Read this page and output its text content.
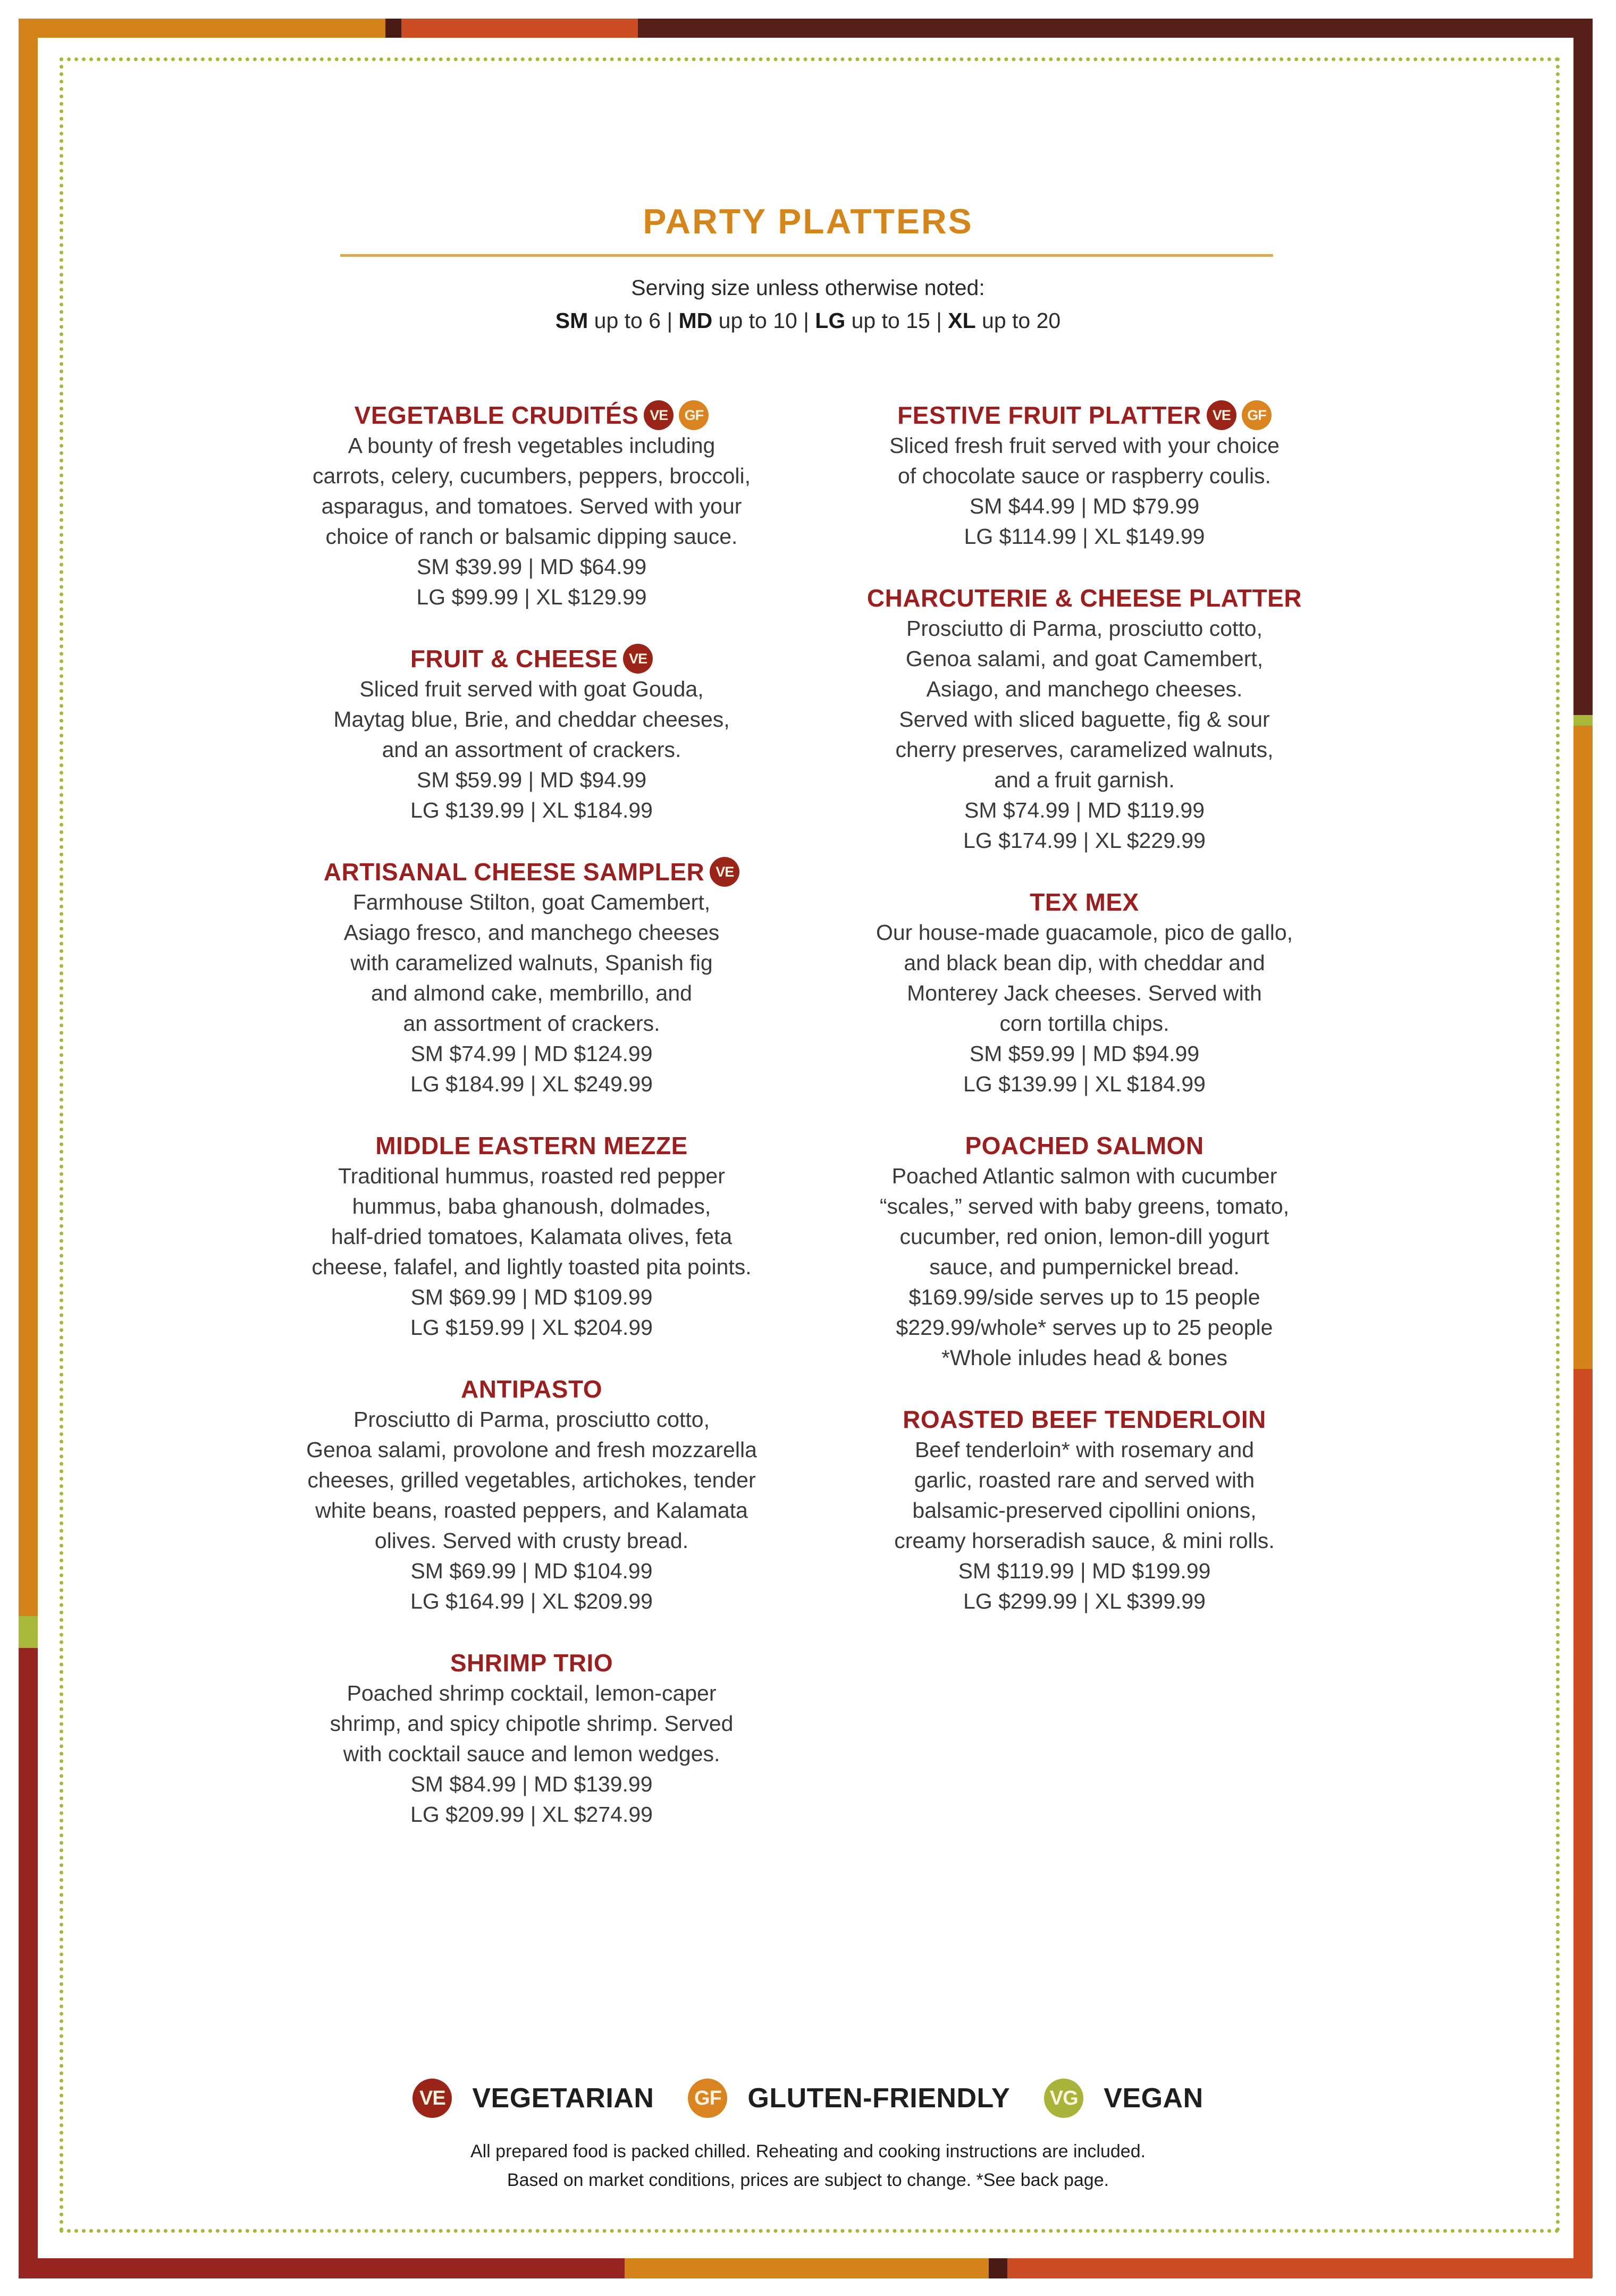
PARTY PLATTERS
Serving size unless otherwise noted:
SM up to 6 | MD up to 10 | LG up to 15 | XL up to 20
VEGETABLE CRUDITÉS VE	GF
A bounty of fresh vegetables including
carrots, celery, cucumbers, peppers, broccoli,
asparagus, and tomatoes. Served with your
choice of ranch or balsamic dipping sauce.
SM $39.99 | MD $64.99
LG $99.99 | XL $129.99
FRUIT & CHEESE VE
Sliced fruit served with goat Gouda,
Maytag blue, Brie, and cheddar cheeses,
and an assortment of crackers.
SM $59.99 | MD $94.99
LG $139.99 | XL $184.99
ARTISANAL CHEESE SAMPLER VE
Farmhouse Stilton, goat Camembert,
Asiago fresco, and manchego cheeses
with caramelized walnuts, Spanish fig
and almond cake, membrillo, and
an assortment of crackers.
SM $74.99 | MD $124.99
LG $184.99 | XL $249.99
MIDDLE EASTERN MEZZE
Traditional hummus, roasted red pepper
hummus, baba ghanoush, dolmades,
half-dried tomatoes, Kalamata olives, feta
cheese, falafel, and lightly toasted pita points.
SM $69.99 | MD $109.99
LG $159.99 | XL $204.99
ANTIPASTO
Prosciutto di Parma, prosciutto cotto,
Genoa salami, provolone and fresh mozzarella
cheeses, grilled vegetables, artichokes, tender
white beans, roasted peppers, and Kalamata
olives. Served with crusty bread.
SM $69.99 | MD $104.99
LG $164.99 | XL $209.99
SHRIMP TRIO
Poached shrimp cocktail, lemon-caper
shrimp, and spicy chipotle shrimp. Served
with cocktail sauce and lemon wedges.
SM $84.99 | MD $139.99
LG $209.99 | XL $274.99
FESTIVE FRUIT PLATTER VE	GF
Sliced fresh fruit served with your choice
of chocolate sauce or raspberry coulis.
SM $44.99 | MD $79.99
LG $114.99 | XL $149.99
CHARCUTERIE & CHEESE PLATTER
Prosciutto di Parma, prosciutto cotto,
Genoa salami, and goat Camembert,
Asiago, and manchego cheeses.
Served with sliced baguette, fig & sour
cherry preserves, caramelized walnuts,
and a fruit garnish.
SM $74.99 | MD $119.99
LG $174.99 | XL $229.99
TEX MEX
Our house-made guacamole, pico de gallo,
and black bean dip, with cheddar and
Monterey Jack cheeses. Served with
corn tortilla chips.
SM $59.99 | MD $94.99
LG $139.99 | XL $184.99
POACHED SALMON
Poached Atlantic salmon with cucumber
“scales,” served with baby greens, tomato,
cucumber, red onion, lemon-dill yogurt
sauce, and pumpernickel bread.
$169.99/side serves up to 15 people
$229.99/whole* serves up to 25 people
*Whole inludes head & bones
ROASTED BEEF TENDERLOIN
Beef tenderloin* with rosemary and
garlic, roasted rare and served with
balsamic-preserved cipollini onions,
creamy horseradish sauce, & mini rolls.
SM $119.99 | MD $199.99
LG $299.99 | XL $399.99
VE VEGETARIAN	GF GLUTEN-FRIENDLY VG VEGAN
All prepared food is packed chilled. Reheating and cooking instructions are included.
Based on market conditions, prices are subject to change. *See back page.
